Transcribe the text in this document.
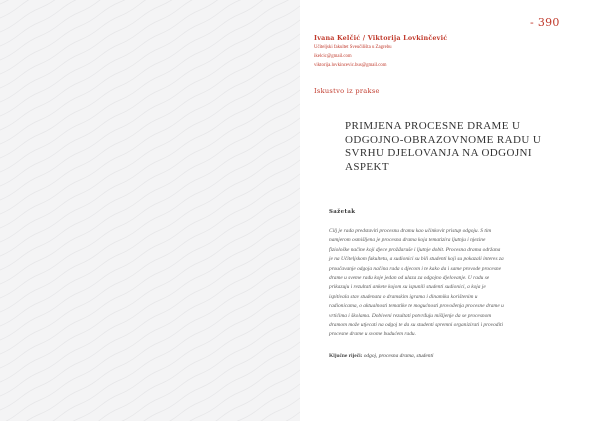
- 390
Ivana Kelčić / Viktorija Lovkinčević
Učiteljski fakultet Sveučilišta u Zagrebu
ikelcic@gmail.com
viktorija.lovkincevic.bus@gmail.com
Iskustvo iz prakse
PRIMJENA PROCESNE DRAME U
ODGOJNO-OBRAZOVNOME RADU U
SVRHU DJELOVANJA NA ODGOJNI
ASPEKT
Sažetak
Cilj je rada predstaviti procesnu dramu kao učinkovit pristup odgoju. S tim
namjerom osmišljena je procesna drama koja tematizira ljutnju i njezine
fiziološke načine koji djece prožđaruše i ljutnje dobit. Procesna drama održana
je na Učiteljskom fakultetu, a sudionici su bili studenti koji su pokazali interes za
proučavanje odgoja načina rada s djecom i te kako da i same provode procesne
drame u sveme radu koje jedan od ulaza za odgojno djelovanje. U radu se
prikazuju i rezultati ankete kojom su ispunili studenti sudionici, a koja je
ispitivala stav studenata o dramskim igrama i dinamika korištenim u
radionicama, o aktualnosti tematike te mogućnosti provođenja procesne drame u
vrtićima i školama. Dobiveni rezultati potvrđuju mišljenje da se procesnom
dramom može utjecati na odgoj te da su studenti spremni organizirati i provoditi
procesne drame u svome budućem radu.
Ključne riječi: odgoj, procesna drama, studenti
